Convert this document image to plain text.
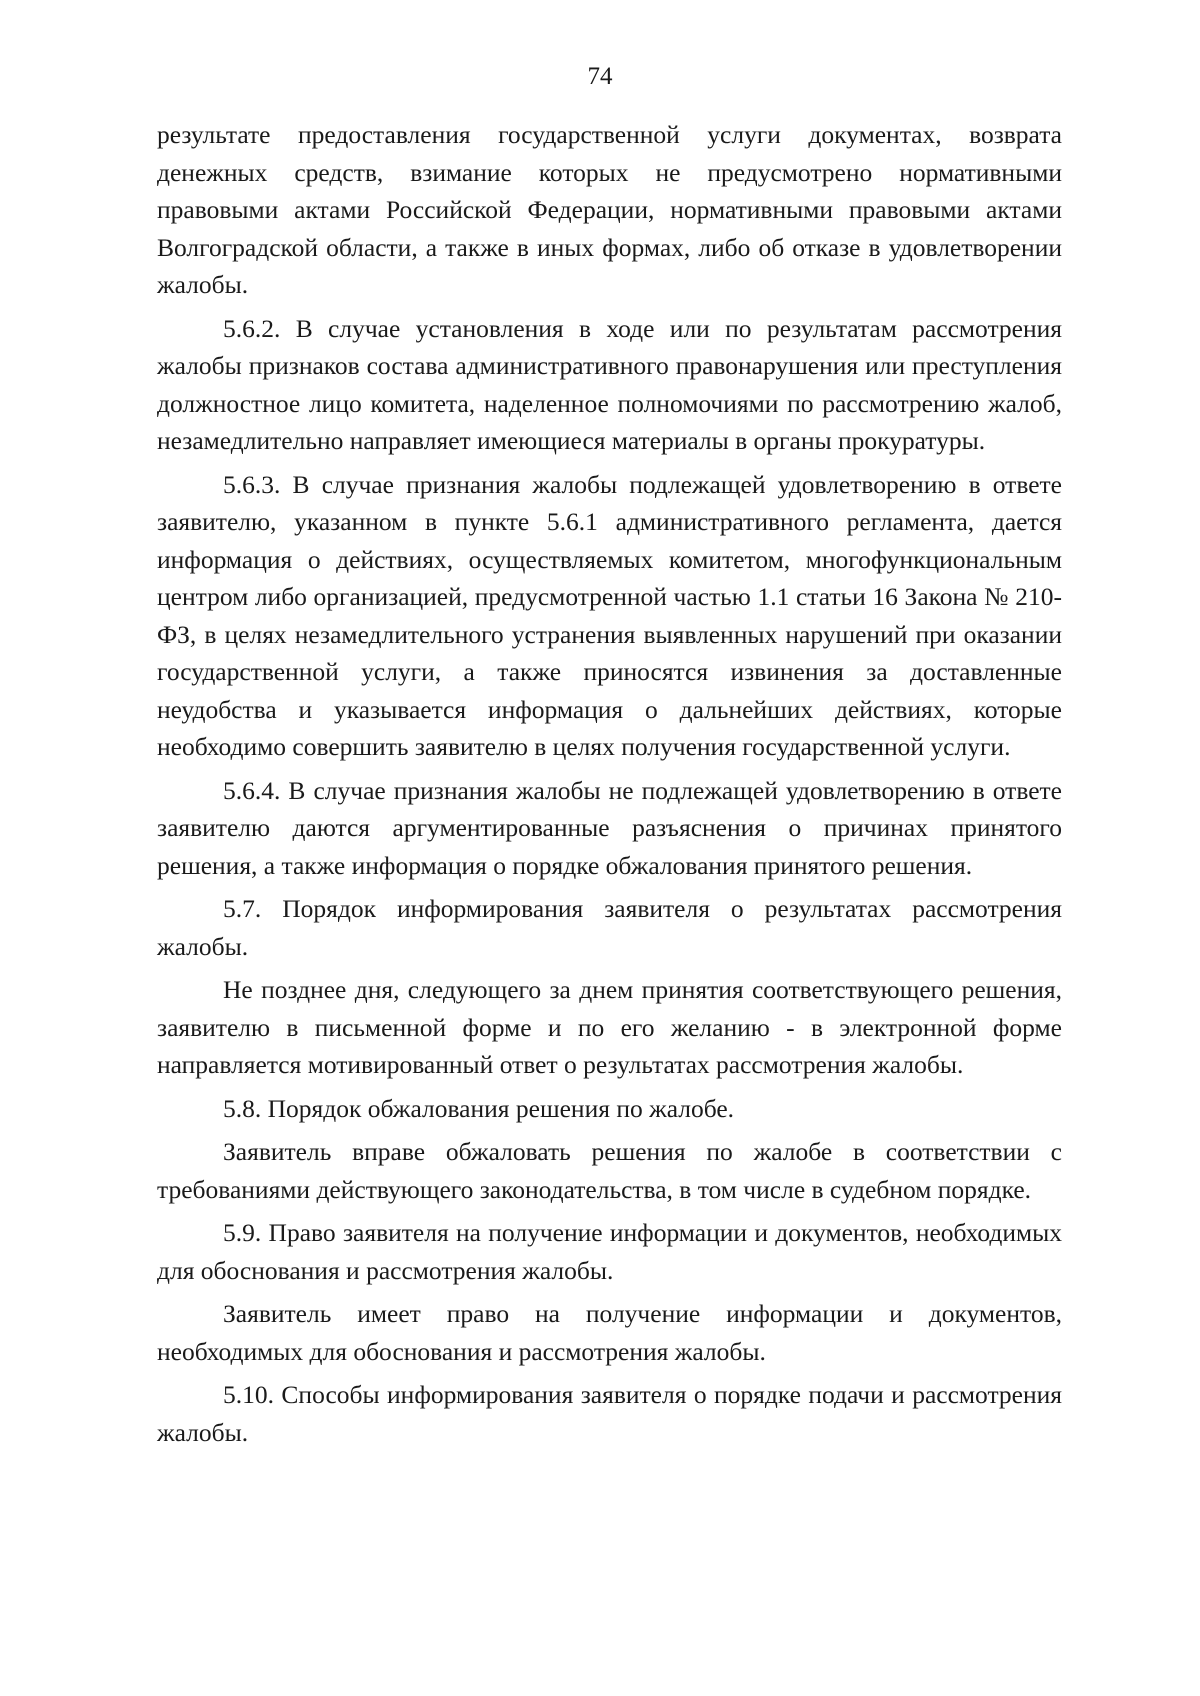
74

результате предоставления государственной услуги документах, возврата денежных средств, взимание которых не предусмотрено нормативными правовыми актами Российской Федерации, нормативными правовыми актами Волгоградской области, а также в иных формах, либо об отказе в удовлетворении жалобы.

5.6.2. В случае установления в ходе или по результатам рассмотрения жалобы признаков состава административного правонарушения или преступления должностное лицо комитета, наделенное полномочиями по рассмотрению жалоб, незамедлительно направляет имеющиеся материалы в органы прокуратуры.

5.6.3. В случае признания жалобы подлежащей удовлетворению в ответе заявителю, указанном в пункте 5.6.1 административного регламента, дается информация о действиях, осуществляемых комитетом, многофункциональным центром либо организацией, предусмотренной частью 1.1 статьи 16 Закона № 210-ФЗ, в целях незамедлительного устранения выявленных нарушений при оказании государственной услуги, а также приносятся извинения за доставленные неудобства и указывается информация о дальнейших действиях, которые необходимо совершить заявителю в целях получения государственной услуги.

5.6.4. В случае признания жалобы не подлежащей удовлетворению в ответе заявителю даются аргументированные разъяснения о причинах принятого решения, а также информация о порядке обжалования принятого решения.

5.7. Порядок информирования заявителя о результатах рассмотрения жалобы.

Не позднее дня, следующего за днем принятия соответствующего решения, заявителю в письменной форме и по его желанию - в электронной форме направляется мотивированный ответ о результатах рассмотрения жалобы.

5.8. Порядок обжалования решения по жалобе.

Заявитель вправе обжаловать решения по жалобе в соответствии с требованиями действующего законодательства, в том числе в судебном порядке.

5.9. Право заявителя на получение информации и документов, необходимых для обоснования и рассмотрения жалобы.

Заявитель имеет право на получение информации и документов, необходимых для обоснования и рассмотрения жалобы.

5.10. Способы информирования заявителя о порядке подачи и рассмотрения жалобы.
